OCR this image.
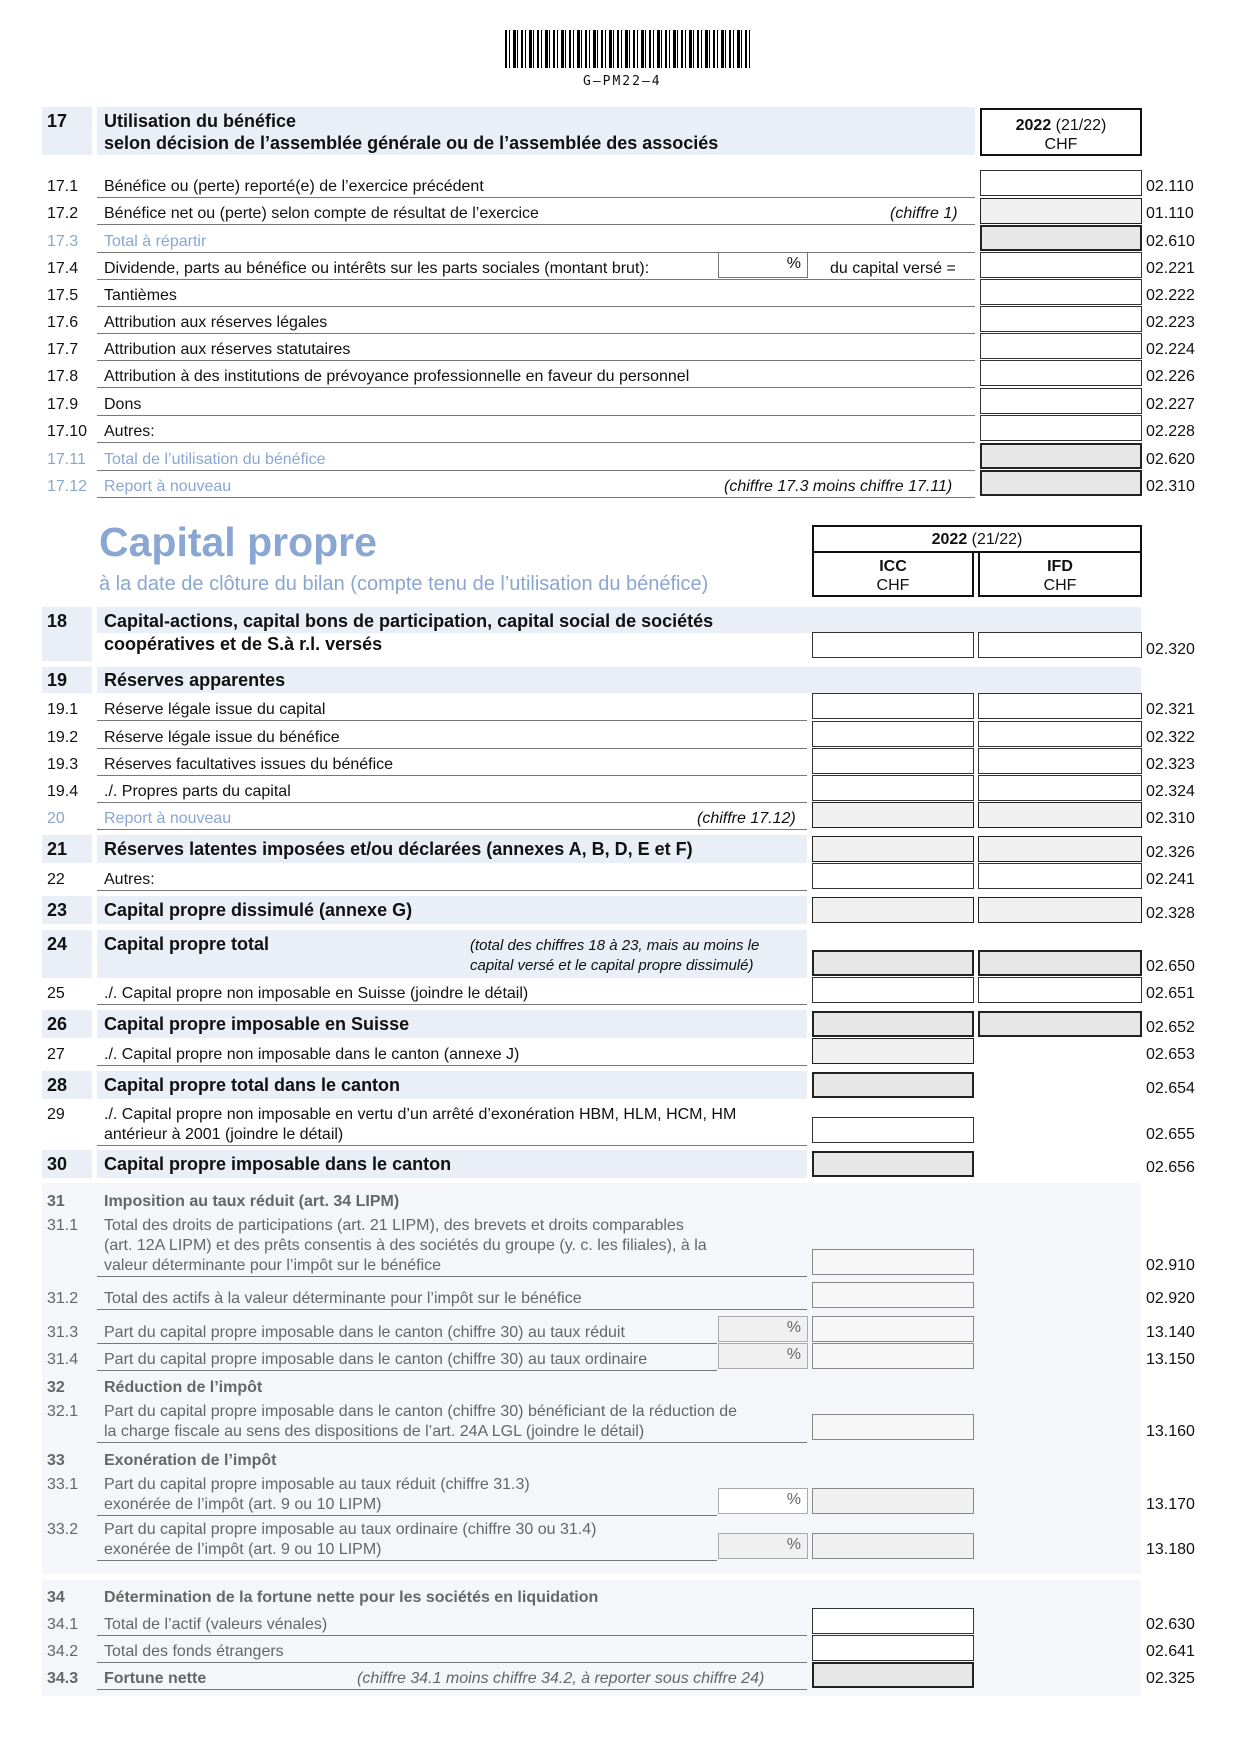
G–PM22–4
17 Utilisation du bénéfice
selon décision de l’assemblée générale ou de l’assemblée des associés
2022 (21/22)
CHF
17.1 Bénéfice ou (perte) reporté(e) de l’exercice précédent	02.110
17.2 Bénéfice net ou (perte) selon compte de résultat de l’exercice	(chiffre 1)	01.110
17.3 Total à répartir	02.610
17.4 Dividende, parts au bénéfice ou intérêts sur les parts sociales (montant brut):	%	du capital versé =	02.221
17.5 Tantièmes	02.222
17.6 Attribution aux réserves légales	02.223
17.7 Attribution aux réserves statutaires	02.224
17.8 Attribution à des institutions de prévoyance professionnelle en faveur du personnel	02.226
17.9 Dons	02.227
17.10 Autres:	02.228
17.11 Total de l’utilisation du bénéfice	02.620
17.12 Report à nouveau	(chiffre 17.3 moins chiffre 17.11)	02.310
Capital propre
à la date de clôture du bilan (compte tenu de l’utilisation du bénéfice)
2022 (21/22)
ICC
CHF
IFD
CHF
18 Capital-actions, capital bons de participation, capital social de sociétés
coopératives et de S.à r.l. versés	02.320
19 Réserves apparentes
19.1 Réserve légale issue du capital	02.321
19.2 Réserve légale issue du bénéfice	02.322
19.3 Réserves facultatives issues du bénéfice	02.323
19.4 ./. Propres parts du capital	02.324
20 Report à nouveau	(chiffre 17.12)	02.310
21 Réserves latentes imposées et/ou déclarées (annexes A, B, D, E et F)	02.326
22 Autres:	02.241
23 Capital propre dissimulé (annexe G)	02.328
24 Capital propre total	(total des chiffres 18 à 23, mais au moins le
capital versé et le capital propre dissimulé)	02.650
25 ./. Capital propre non imposable en Suisse (joindre le détail)	02.651
26 Capital propre imposable en Suisse	02.652
27 ./. Capital propre non imposable dans le canton (annexe J)	02.653
28 Capital propre total dans le canton	02.654
29 ./. Capital propre non imposable en vertu d’un arrêté d’exonération HBM, HLM, HCM, HM
antérieur à 2001 (joindre le détail)	02.655
30 Capital propre imposable dans le canton	02.656
31 Imposition au taux réduit (art. 34 LIPM)
31.1 Total des droits de participations (art. 21 LIPM), des brevets et droits comparables
(art. 12A LIPM) et des prêts consentis à des sociétés du groupe (y. c. les filiales), à la
valeur déterminante pour l’impôt sur le bénéfice	02.910
31.2 Total des actifs à la valeur déterminante pour l’impôt sur le bénéfice	02.920
31.3 Part du capital propre imposable dans le canton (chiffre 30) au taux réduit	%	13.140
31.4 Part du capital propre imposable dans le canton (chiffre 30) au taux ordinaire	%	13.150
32 Réduction de l’impôt
32.1 Part du capital propre imposable dans le canton (chiffre 30) bénéficiant de la réduction de
la charge fiscale au sens des dispositions de l’art. 24A LGL (joindre le détail)	13.160
33 Exonération de l’impôt
33.1 Part du capital propre imposable au taux réduit (chiffre 31.3)
exonérée de l’impôt (art. 9 ou 10 LIPM)	%	13.170
33.2 Part du capital propre imposable au taux ordinaire (chiffre 30 ou 31.4)
exonérée de l’impôt (art. 9 ou 10 LIPM)	%	13.180
34 Détermination de la fortune nette pour les sociétés en liquidation
34.1 Total de l’actif (valeurs vénales)	02.630
34.2 Total des fonds étrangers	02.641
34.3 Fortune nette	(chiffre 34.1 moins chiffre 34.2, à reporter sous chiffre 24)	02.325
